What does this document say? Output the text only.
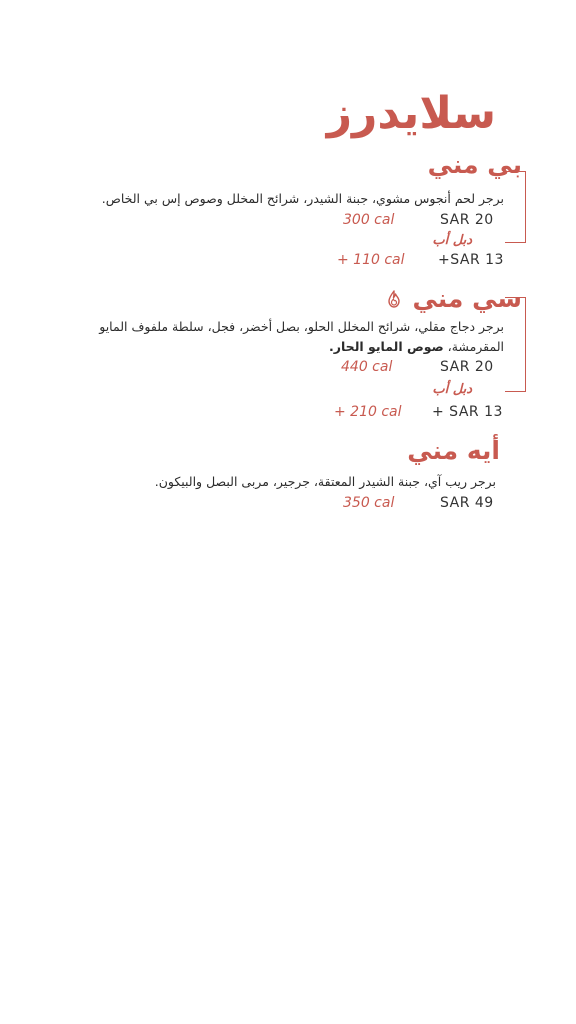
سلايدرز
بي مني
برجر لحم أنجوس مشوي، جبنة الشيدر، شرائح المخلل وصوص إس بي الخاص.
SAR 20
300 cal
دبل أب
+SAR 13
+ 110 cal
سي مني
برجر دجاج مقلي، شرائح المخلل الحلو، بصل أخضر، فجل، سلطة ملفوف المايو
المقرمشة، صوص المايو الحار.
SAR 20
440 cal
دبل أب
+ SAR 13
+ 210 cal
أيه مني
برجر ريب آي، جبنة الشيدر المعتقة، جرجير، مربى البصل والبيكون.
SAR 49
350 cal
